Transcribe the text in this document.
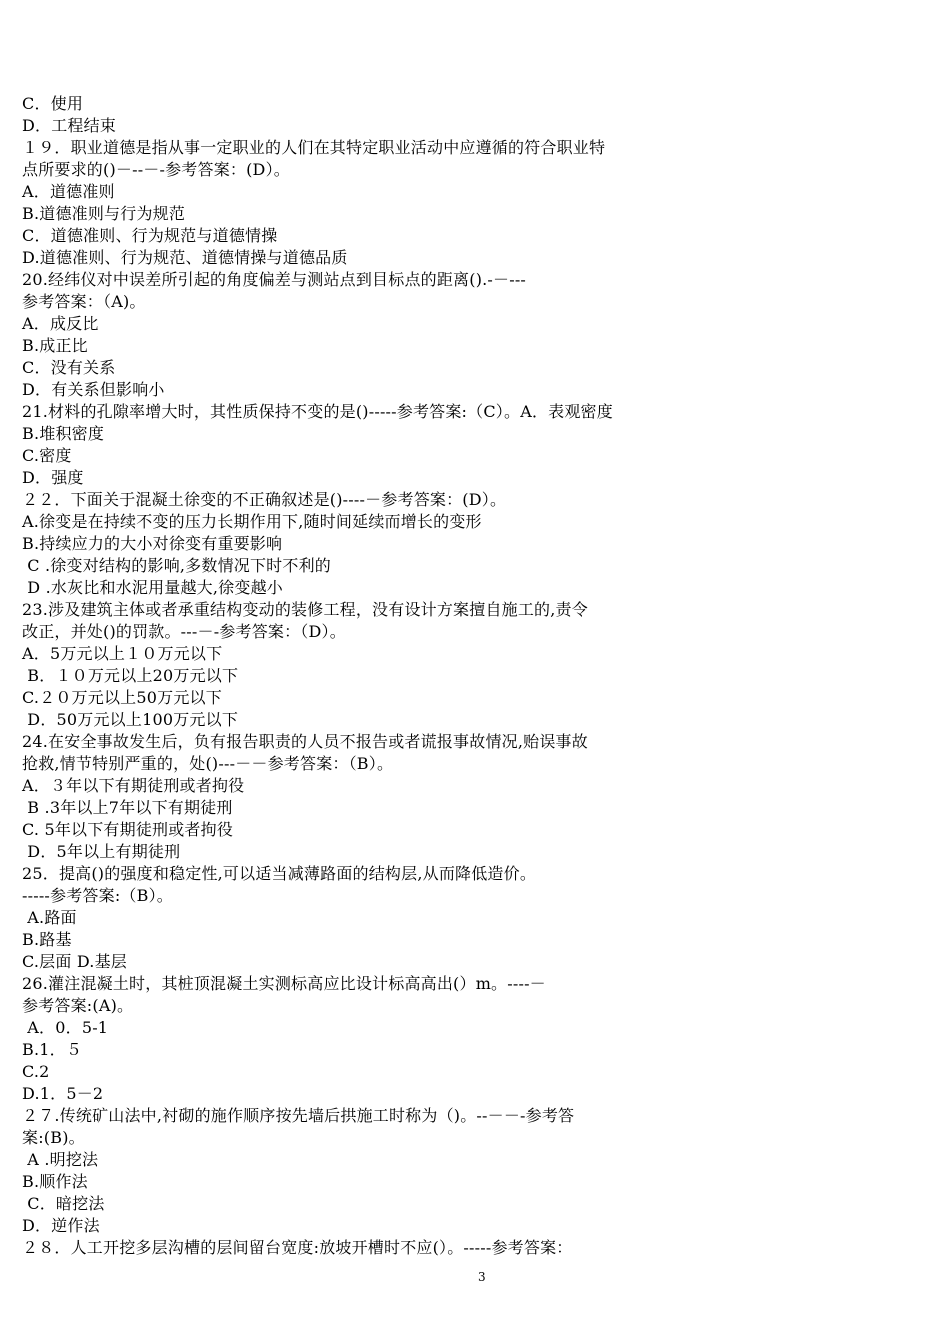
C．使用
D．工程结束
１９．职业道德是指从事一定职业的人们在其特定职业活动中应遵循的符合职业特
点所要求的()－--－-参考答案：(D）。
A．道德准则
B.道德准则与行为规范
C．道德准则、行为规范与道德情操
D.道德准则、行为规范、道德情操与道德品质
20.经纬仪对中误差所引起的角度偏差与测站点到目标点的距离().-－---
参考答案：（A)。
A．成反比
B.成正比
C．没有关系
D．有关系但影响小
21.材料的孔隙率增大时，其性质保持不变的是()-----参考答案:（C）。A．表观密度
B.堆积密度
C.密度
D．强度
２２．下面关于混凝土徐变的不正确叙述是()----－参考答案：(D）。
A.徐变是在持续不变的压力长期作用下,随时间延续而增长的变形
B.持续应力的大小对徐变有重要影响
C .徐变对结构的影响,多数情况下时不利的
D .水灰比和水泥用量越大,徐变越小
23.涉及建筑主体或者承重结构变动的装修工程，没有设计方案擅自施工的,责令
改正，并处()的罚款。---－-参考答案：（D）。
A．5万元以上１０万元以下
B．１０万元以上20万元以下
C.２０万元以上50万元以下
D．50万元以上100万元以下
24.在安全事故发生后，负有报告职责的人员不报告或者谎报事故情况,贻误事故
抢救,情节特别严重的，处()---－－参考答案：（B）。
A．３年以下有期徒刑或者拘役
B .3年以上7年以下有期徒刑
C. 5年以下有期徒刑或者拘役
D．5年以上有期徒刑
25．提高()的强度和稳定性,可以适当减薄路面的结构层,从而降低造价。
-----参考答案:（B）。
A.路面
B.路基
C.层面 D.基层
26.灌注混凝土时，其桩顶混凝土实测标高应比设计标高高出(）m。----－
参考答案:(A)。
A．0．5-1
B.1．５
C.2
D.1．5－2
２７.传统矿山法中,衬砌的施作顺序按先墙后拱施工时称为（)。--－－-参考答
案:(B)。
A .明挖法
B.顺作法
C．暗挖法
D．逆作法
２８．人工开挖多层沟槽的层间留台宽度:放坡开槽时不应(）。-----参考答案：
3
